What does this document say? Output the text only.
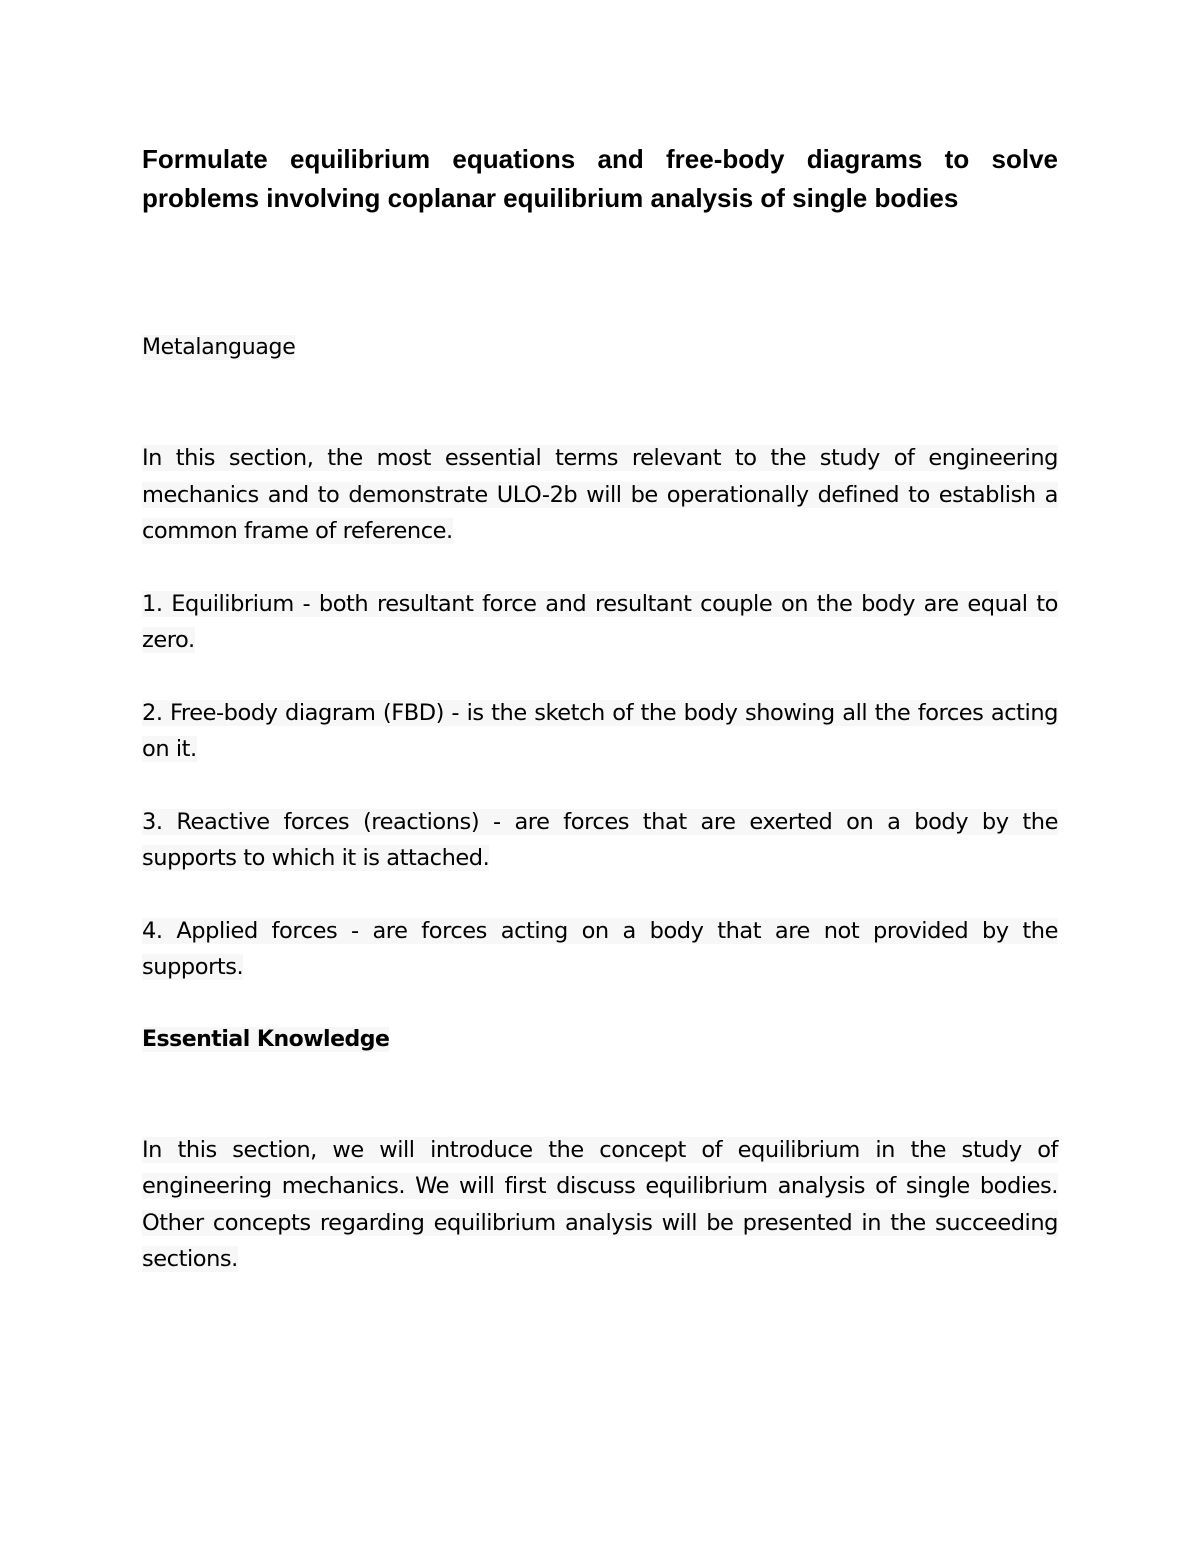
Formulate equilibrium equations and free-body diagrams to solve problems involving coplanar equilibrium analysis of single bodies

Metalanguage

In this section, the most essential terms relevant to the study of engineering mechanics and to demonstrate ULO-2b will be operationally defined to establish a common frame of reference.

1. Equilibrium - both resultant force and resultant couple on the body are equal to zero.

2. Free-body diagram (FBD) - is the sketch of the body showing all the forces acting on it.

3. Reactive forces (reactions) - are forces that are exerted on a body by the supports to which it is attached.

4. Applied forces - are forces acting on a body that are not provided by the supports.

Essential Knowledge

In this section, we will introduce the concept of equilibrium in the study of engineering mechanics. We will first discuss equilibrium analysis of single bodies. Other concepts regarding equilibrium analysis will be presented in the succeeding sections.
